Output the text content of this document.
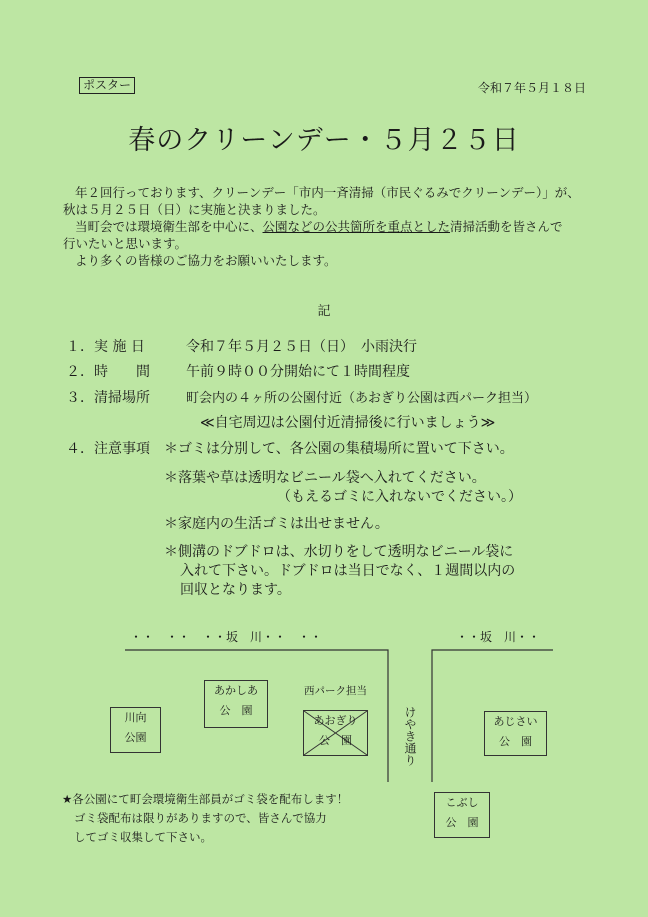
ポスター	令和７年５月１８日
春のクリーンデー・５月２５日
年２回行っております、クリーンデー「市内一斉清掃（市民ぐるみでクリーンデー）」が、
秋は５月２５日（日）に実施と決まりました。
当町会では環境衛生部を中心に、公園などの公共箇所を重点とした清掃活動を皆さんで
行いたいと思います。
より多くの皆様のご協力をお願いいたします。
記
１．実 施 日	令和７年５月２５日（日）　小雨決行
２．時　　間	午前９時００分開始にて１時間程度
３．清掃場所	町会内の４ヶ所の公園付近（あおぎり公園は西パーク担当）
≪自宅周辺は公園付近清掃後に行いましょう≫
４．注意事項 ＊ゴミは分別して、各公園の集積場所に置いて下さい。
＊落葉や草は透明なビニール袋へ入れてください。
（もえるゴミに入れないでください。）
＊家庭内の生活ゴミは出せません。
＊側溝のドブドロは、水切りをして透明なビニール袋に
入れて下さい。ドブドロは当日でなく、１週間以内の
回収となります。
・・　・・　・・坂　川・・　・・	・・坂　川・・
けやき通り
西パーク担当
川向
公園
あかしあ
公　園
あおぎり
公　園
あじさい
公　園
こぶし
公　園
★各公園にて町会環境衛生部員がゴミ袋を配布します！
ゴミ袋配布は限りがありますので、皆さんで協力
してゴミ収集して下さい。
